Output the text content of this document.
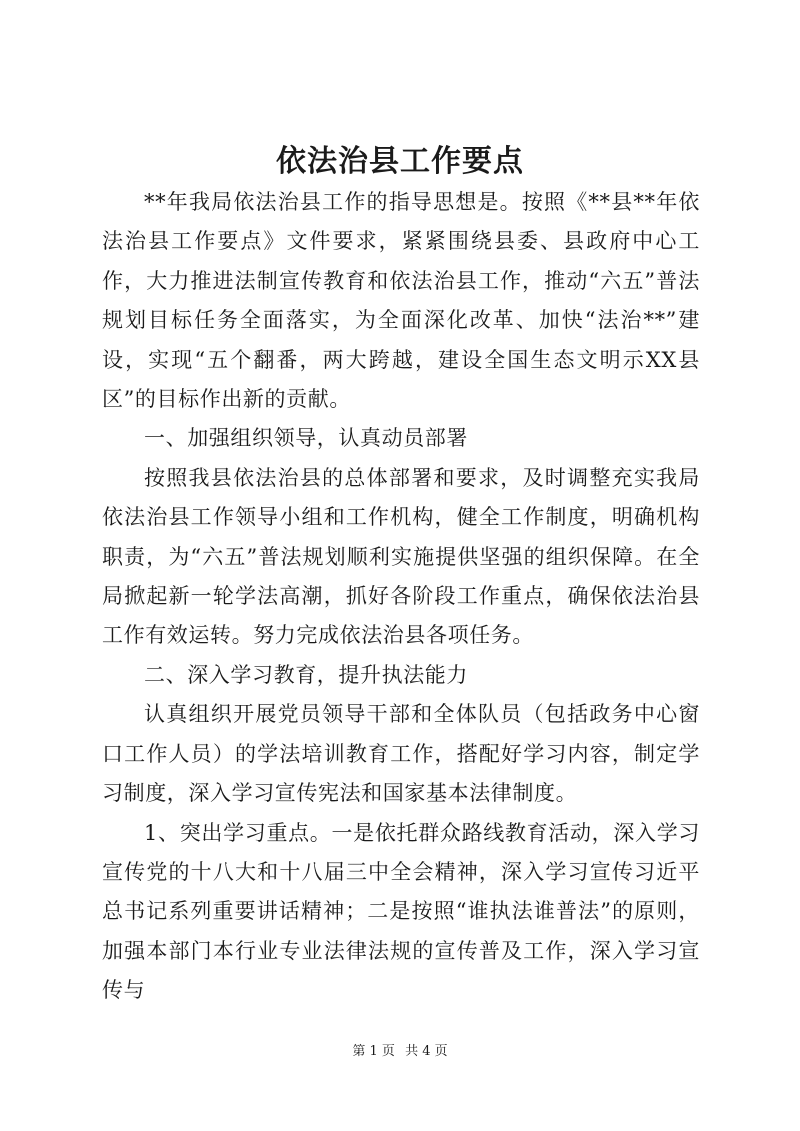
依法治县工作要点

**年我局依法治县工作的指导思想是。按照《**县**年依法治县工作要点》文件要求，紧紧围绕县委、县政府中心工作，大力推进法制宣传教育和依法治县工作，推动“六五”普法规划目标任务全面落实，为全面深化改革、加快“法治**”建设，实现“五个翻番，两大跨越，建设全国生态文明示XX县区”的目标作出新的贡献。

一、加强组织领导，认真动员部署

按照我县依法治县的总体部署和要求，及时调整充实我局依法治县工作领导小组和工作机构，健全工作制度，明确机构职责，为“六五”普法规划顺利实施提供坚强的组织保障。在全局掀起新一轮学法高潮，抓好各阶段工作重点，确保依法治县工作有效运转。努力完成依法治县各项任务。

二、深入学习教育，提升执法能力

认真组织开展党员领导干部和全体队员（包括政务中心窗口工作人员）的学法培训教育工作，搭配好学习内容，制定学习制度，深入学习宣传宪法和国家基本法律制度。

1、突出学习重点。一是依托群众路线教育活动，深入学习宣传党的十八大和十八届三中全会精神，深入学习宣传习近平总书记系列重要讲话精神；二是按照“谁执法谁普法”的原则，加强本部门本行业专业法律法规的宣传普及工作，深入学习宣传与

第 1 页 共 4 页
